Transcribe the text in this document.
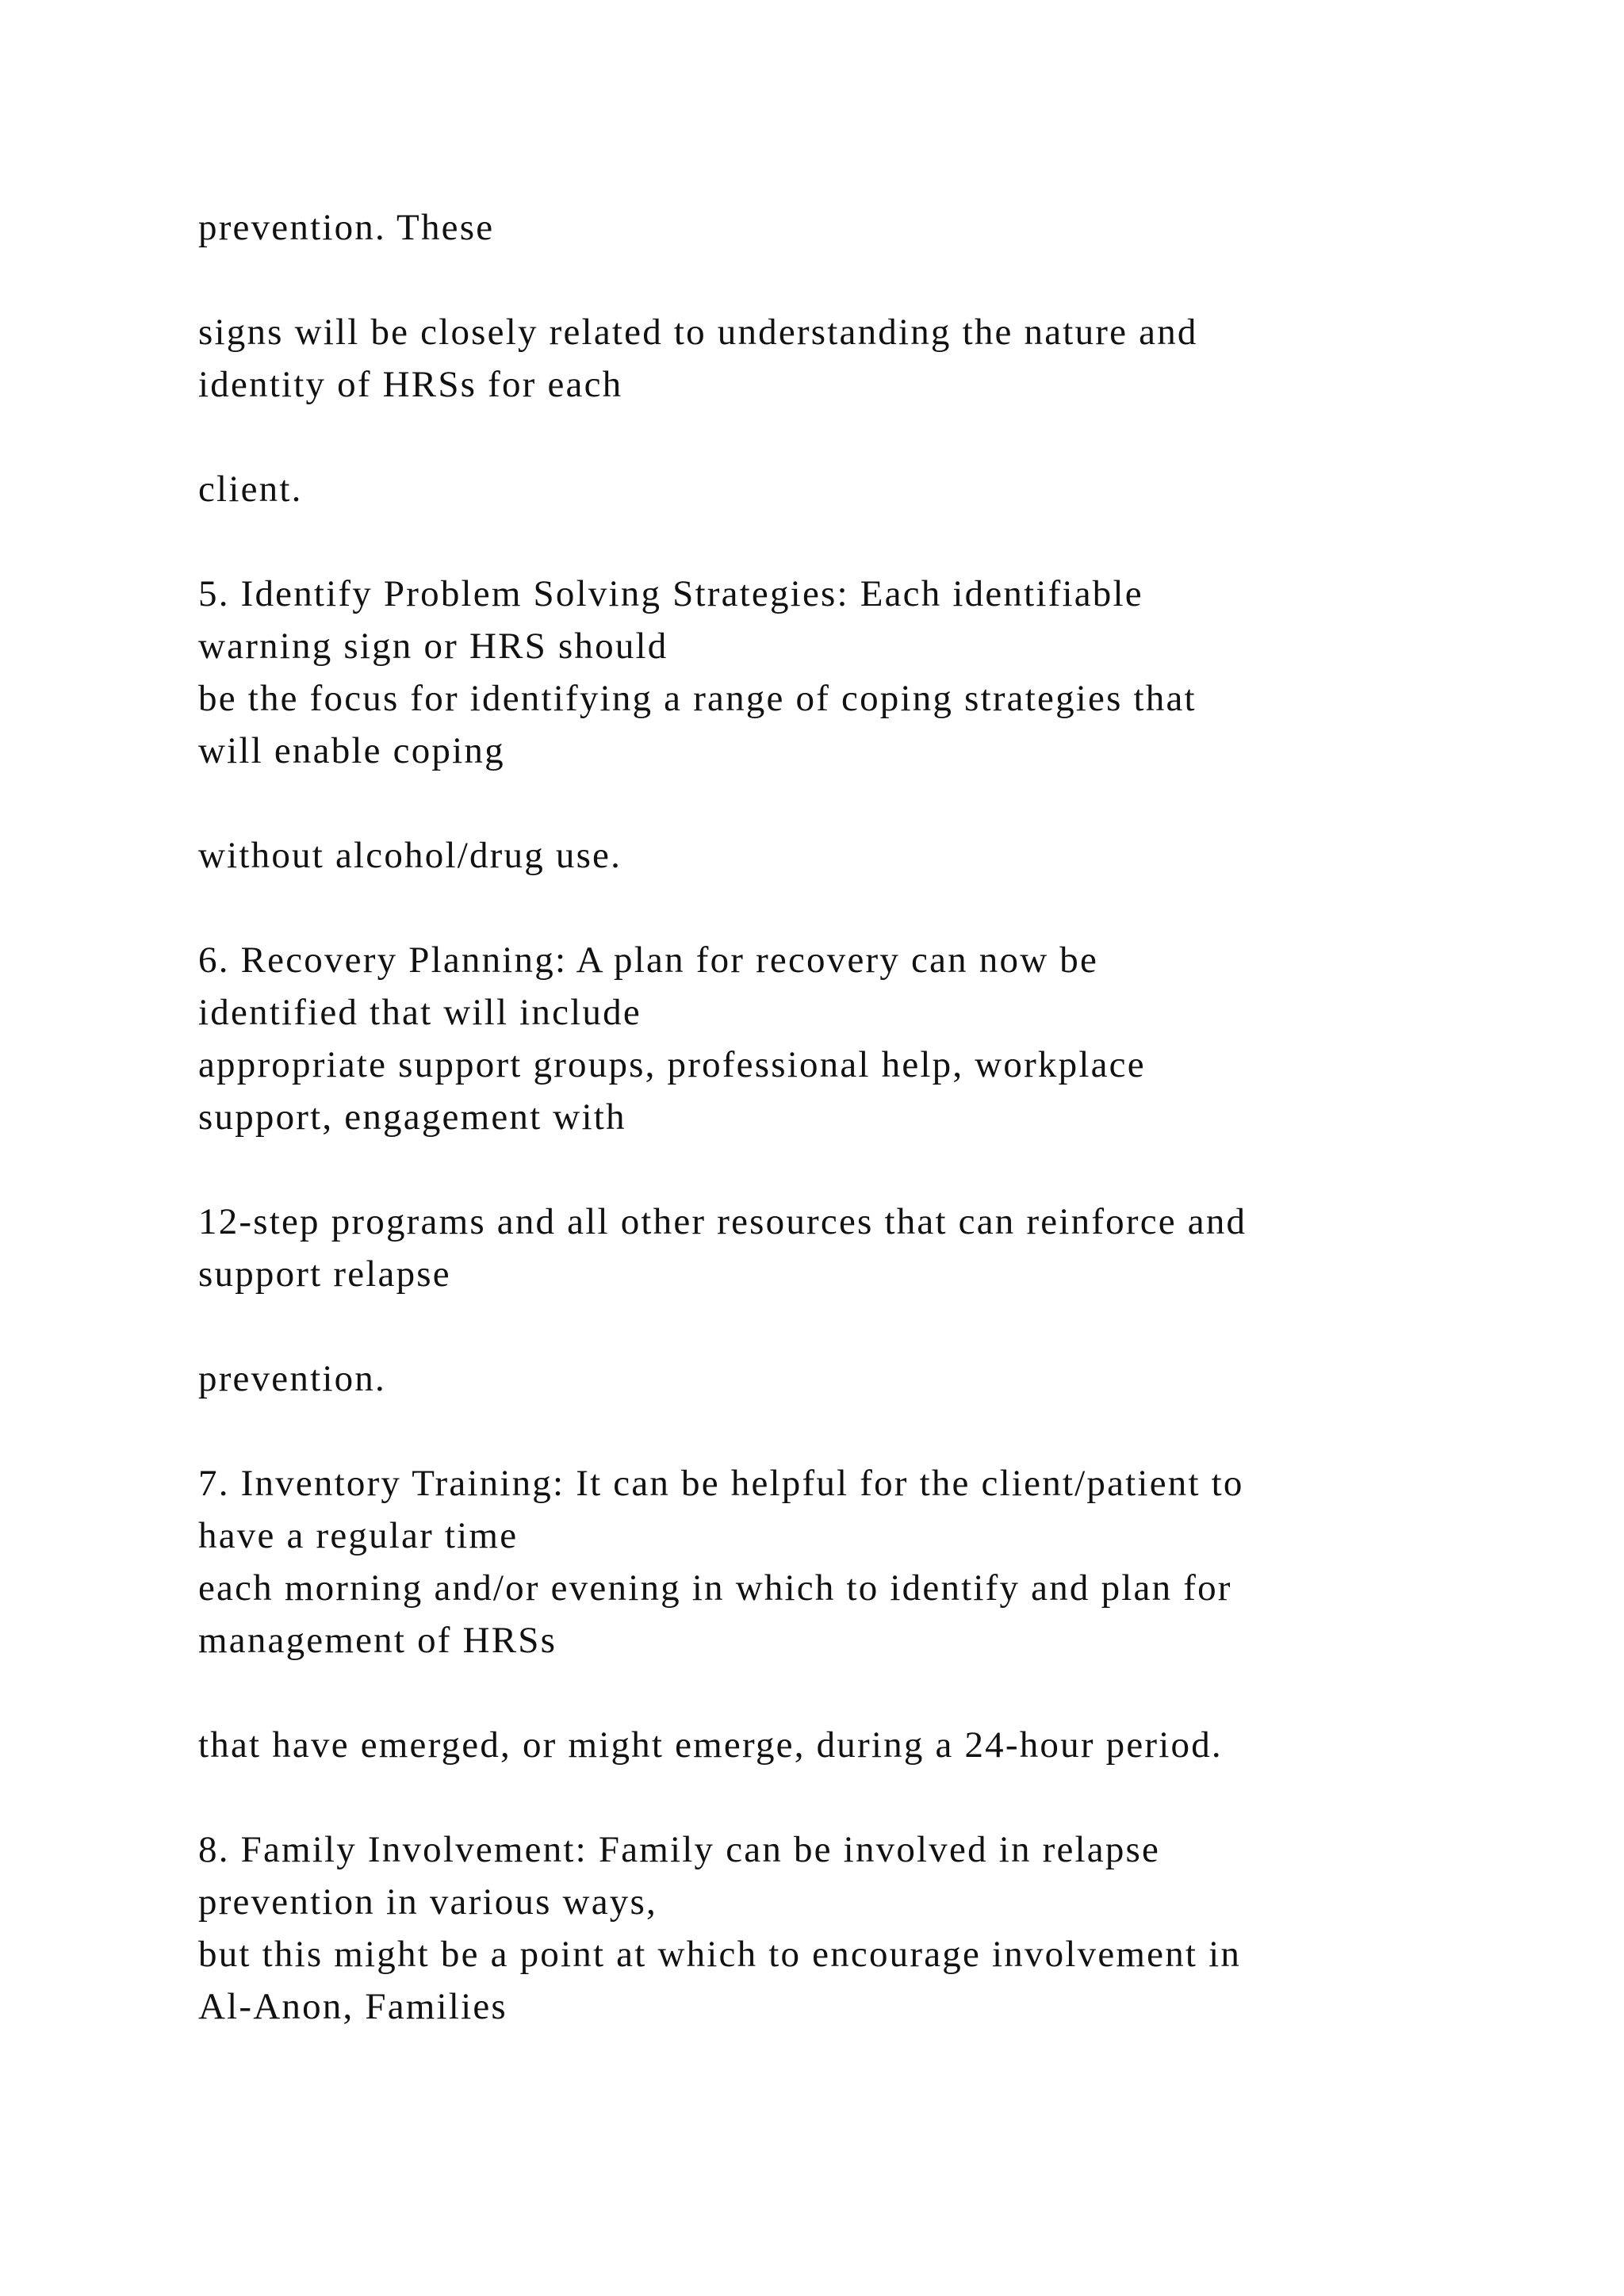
prevention. These
signs will be closely related to understanding the nature and
identity of HRSs for each
client.
5. Identify Problem Solving Strategies: Each identifiable
warning sign or HRS should
be the focus for identifying a range of coping strategies that
will enable coping
without alcohol/drug use.
6. Recovery Planning: A plan for recovery can now be
identified that will include
appropriate support groups, professional help, workplace
support, engagement with
12-step programs and all other resources that can reinforce and
support relapse
prevention.
7. Inventory Training: It can be helpful for the client/patient to
have a regular time
each morning and/or evening in which to identify and plan for
management of HRSs
that have emerged, or might emerge, during a 24-hour period.
8. Family Involvement: Family can be involved in relapse
prevention in various ways,
but this might be a point at which to encourage involvement in
Al-Anon, Families
